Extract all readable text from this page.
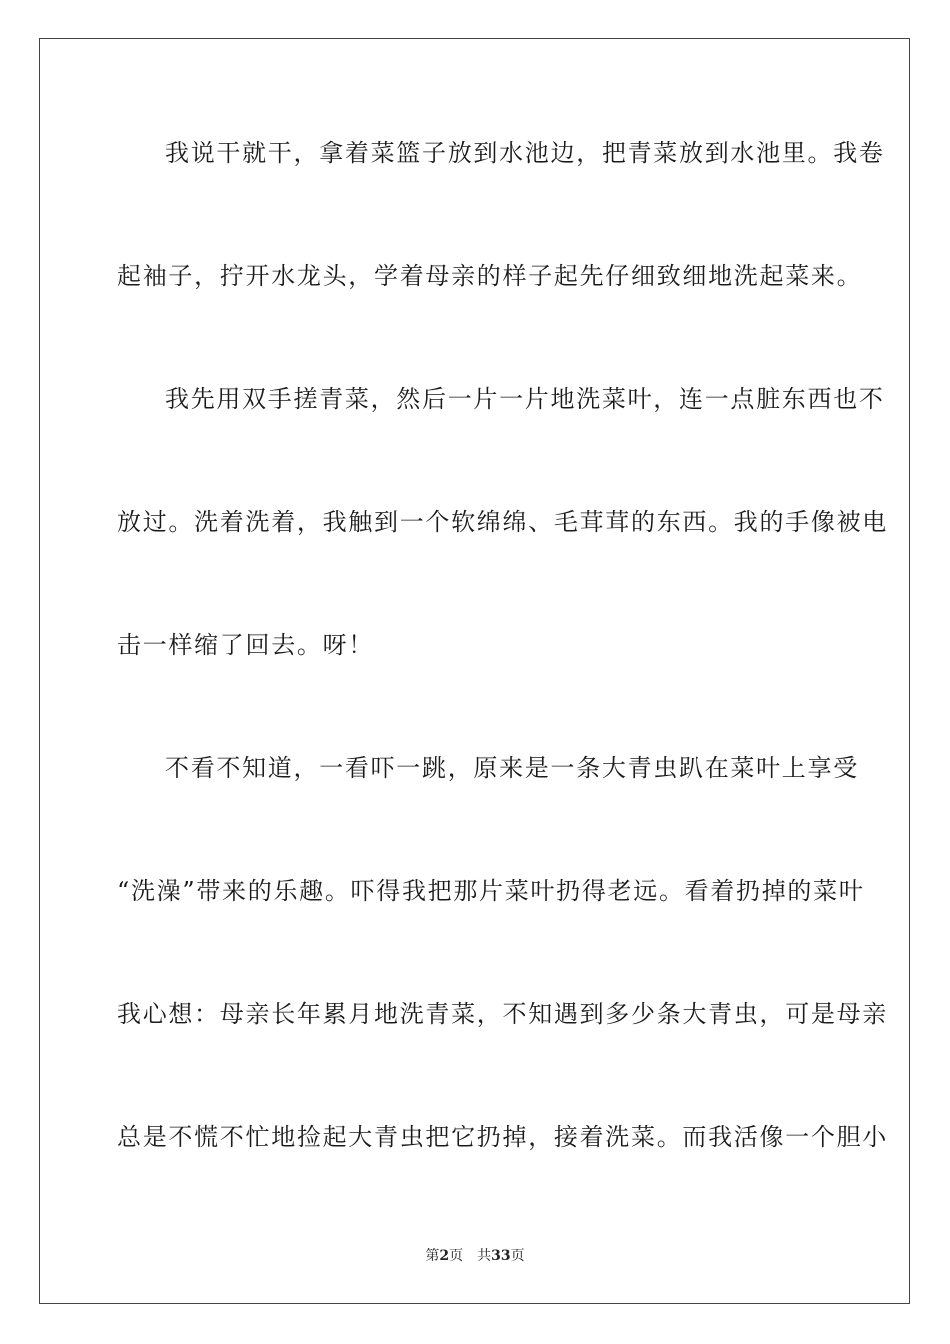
我说干就干，拿着菜篮子放到水池边，把青菜放到水池里。我卷
起袖子，拧开水龙头，学着母亲的样子起先仔细致细地洗起菜来。
我先用双手搓青菜，然后一片一片地洗菜叶，连一点脏东西也不
放过。洗着洗着，我触到一个软绵绵、毛茸茸的东西。我的手像被电
击一样缩了回去。呀！
不看不知道，一看吓一跳，原来是一条大青虫趴在菜叶上享受
“洗澡”带来的乐趣。吓得我把那片菜叶扔得老远。看着扔掉的菜叶
我心想：母亲长年累月地洗青菜，不知遇到多少条大青虫，可是母亲
总是不慌不忙地捡起大青虫把它扔掉，接着洗菜。而我活像一个胆小
第2页 共33页
